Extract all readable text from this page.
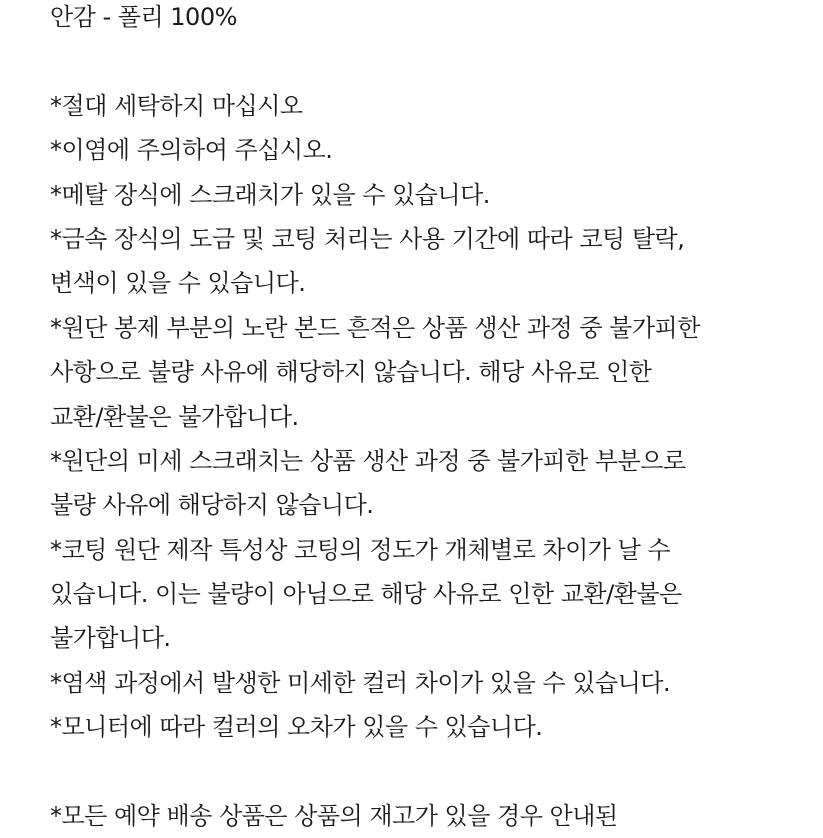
안감 - 폴리 100%
*절대 세탁하지 마십시오
*이염에 주의하여 주십시오.
*메탈 장식에 스크래치가 있을 수 있습니다.
*금속 장식의 도금 및 코팅 처리는 사용 기간에 따라 코팅 탈락,
변색이 있을 수 있습니다.
*원단 봉제 부분의 노란 본드 흔적은 상품 생산 과정 중 불가피한
사항으로 불량 사유에 해당하지 않습니다. 해당 사유로 인한
교환/환불은 불가합니다.
*원단의 미세 스크래치는 상품 생산 과정 중 불가피한 부분으로
불량 사유에 해당하지 않습니다.
*코팅 원단 제작 특성상 코팅의 정도가 개체별로 차이가 날 수
있습니다. 이는 불량이 아님으로 해당 사유로 인한 교환/환불은
불가합니다.
*염색 과정에서 발생한 미세한 컬러 차이가 있을 수 있습니다.
*모니터에 따라 컬러의 오차가 있을 수 있습니다.
*모든 예약 배송 상품은 상품의 재고가 있을 경우 안내된
